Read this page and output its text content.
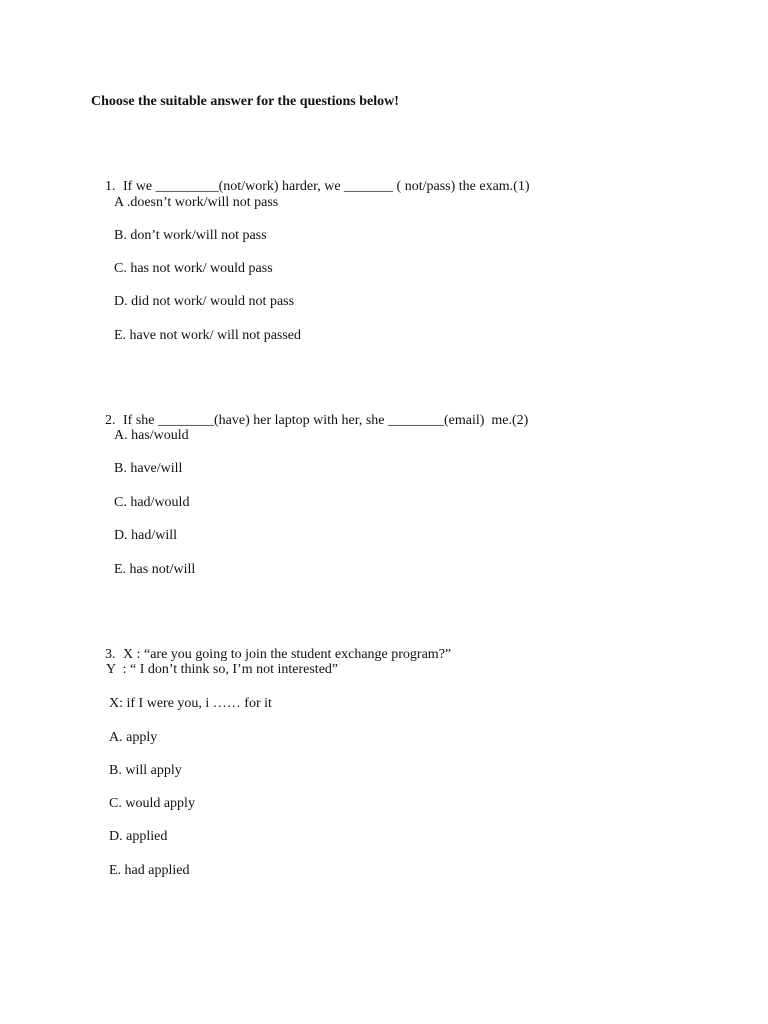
Choose the suitable answer for the questions below!

1. If we _________(not/work) harder, we _______ ( not/pass) the exam.(1)

A .doesn’t work/will not pass
B. don’t work/will not pass
C. has not work/ would pass
D. did not work/ would not pass
E. have not work/ will not passed

2. If she ________(have) her laptop with her, she ________(email)  me.(2)

A. has/would
B. have/will
C. had/would
D. had/will
E. has not/will

3. X : “are you going to join the student exchange program?”

Y  : “ I don’t think so, I’m not interested”
X: if I were you, i …… for it
A. apply
B. will apply
C. would apply
D. applied
E. had applied
